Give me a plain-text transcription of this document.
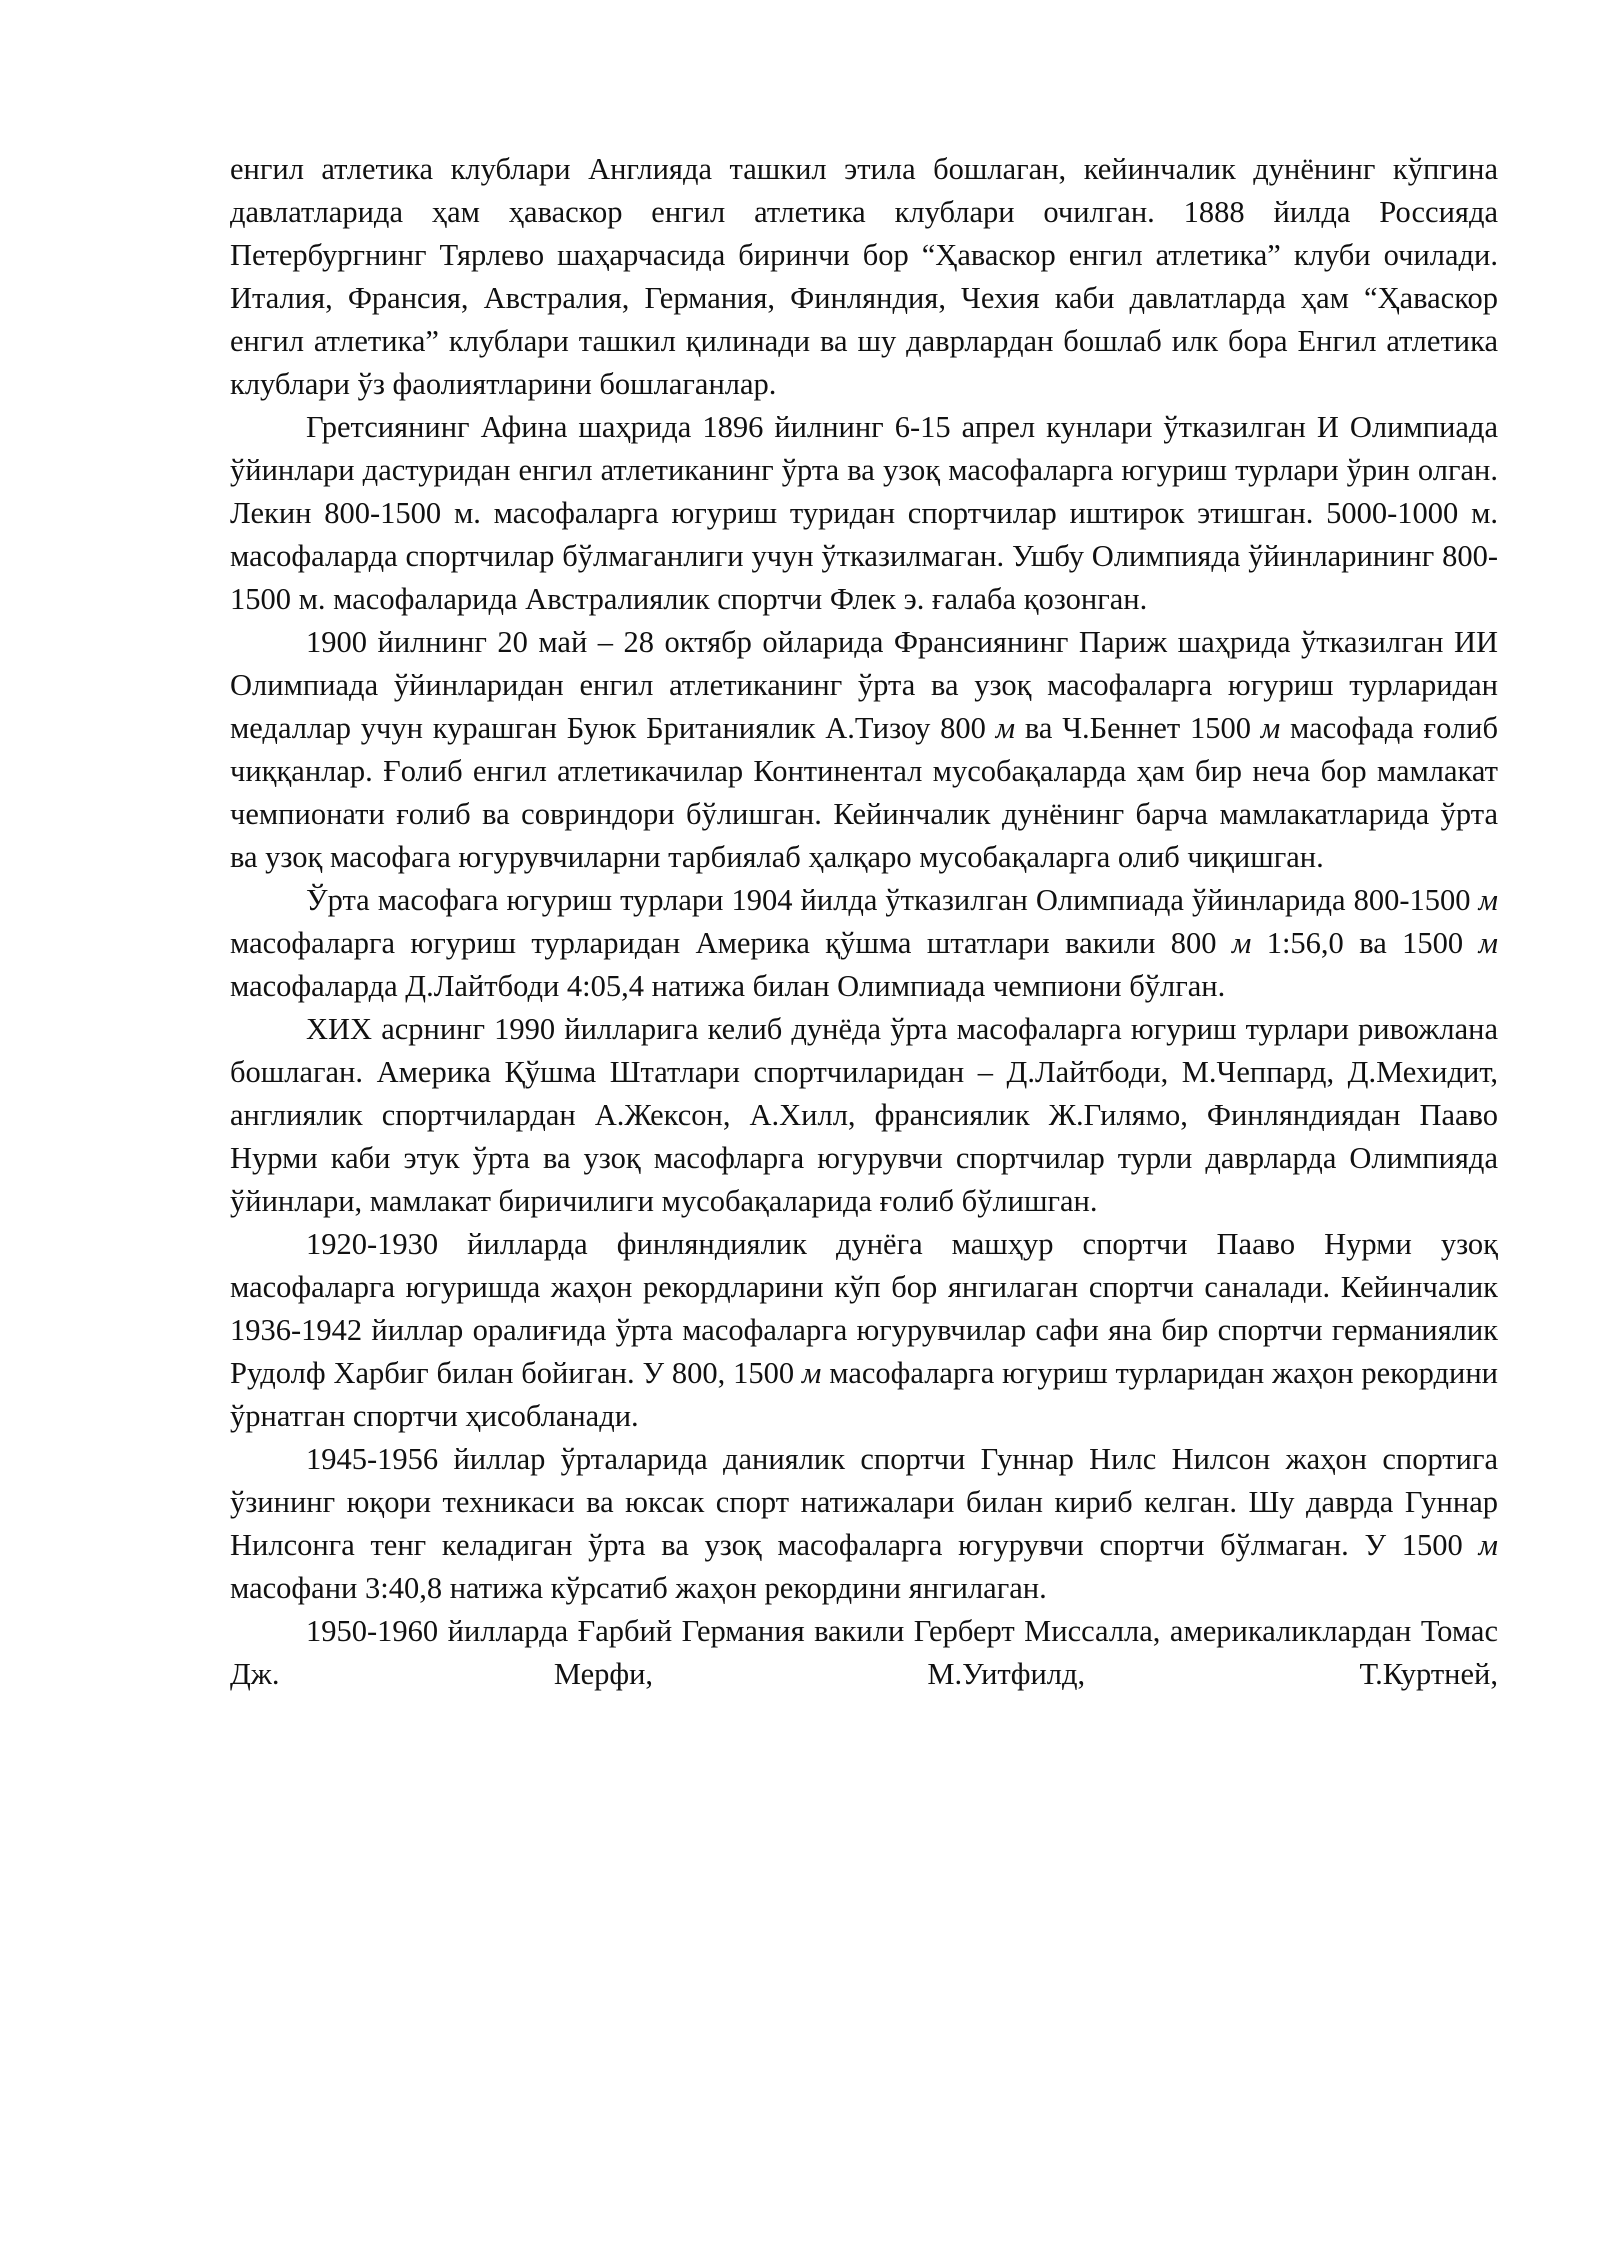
енгил атлетика клублари Англияда ташкил этила бошлаган, кейинчалик дунёнинг кўпгина давлатларида ҳам ҳаваскор енгил атлетика клублари очилган. 1888 йилда Россияда Петербургнинг Тярлево шаҳарчасида биринчи бор “Ҳаваскор енгил атлетика” клуби очилади. Италия, Франсия, Австралия, Германия, Финляндия, Чехия каби давлатларда ҳам “Ҳаваскор енгил атлетика” клублари ташкил қилинади ва шу даврлардан бошлаб илк бора Енгил атлетика клублари ўз фаолиятларини бошлаганлар.

Гретсиянинг Афина шаҳрида 1896 йилнинг 6-15 апрел кунлари ўтказилган И Олимпиада ўйинлари дастуридан енгил атлетиканинг ўрта ва узоқ масофаларга югуриш турлари ўрин олган. Лекин 800-1500 м. масофаларга югуриш туридан спортчилар иштирок этишган. 5000-1000 м. масофаларда спортчилар бўлмаганлиги учун ўтказилмаган. Ушбу Олимпияда ўйинларининг 800-1500 м. масофаларида Австралиялик спортчи Флек э. ғалаба қозонган.

1900 йилнинг 20 май – 28 октябр ойларида Франсиянинг Париж шаҳрида ўтказилган ИИ Олимпиада ўйинларидан енгил атлетиканинг ўрта ва узоқ масофаларга югуриш турларидан медаллар учун курашган Буюк Британиялик А.Тизоу 800 м ва Ч.Беннет 1500 м масофада ғолиб чиққанлар. Ғолиб енгил атлетикачилар Континентал мусобақаларда ҳам бир неча бор мамлакат чемпионати ғолиб ва совриндори бўлишган. Кейинчалик дунёнинг барча мамлакатларида ўрта ва узоқ масофага югурувчиларни тарбиялаб ҳалқаро мусобақаларга олиб чиқишган.

Ўрта масофага югуриш турлари 1904 йилда ўтказилган Олимпиада ўйинларида 800-1500 м масофаларга югуриш турларидан Америка қўшма штатлари вакили 800 м 1:56,0 ва 1500 м масофаларда Д.Лайтбоди 4:05,4 натижа билан Олимпиада чемпиони бўлган.

ХИХ асрнинг 1990 йилларига келиб дунёда ўрта масофаларга югуриш турлари ривожлана бошлаган. Америка Қўшма Штатлари спортчиларидан – Д.Лайтбоди, М.Чеппард, Д.Мехидит, англиялик спортчилардан А.Жексон, А.Хилл, франсиялик Ж.Гилямо, Финляндиядан Пааво Нурми каби этук ўрта ва узоқ масофларга югурувчи спортчилар турли даврларда Олимпияда ўйинлари, мамлакат биричилиги мусобақаларида ғолиб бўлишган.

1920-1930 йилларда финляндиялик дунёга машҳур спортчи Пааво Нурми узоқ масофаларга югуришда жаҳон рекордларини кўп бор янгилаган спортчи саналади. Кейинчалик 1936-1942 йиллар оралиғида ўрта масофаларга югурувчилар сафи яна бир спортчи германиялик Рудолф Харбиг билан бойиган. У 800, 1500 м масофаларга югуриш турларидан жаҳон рекордини ўрнатган спортчи ҳисобланади.

1945-1956 йиллар ўрталарида даниялик спортчи Гуннар Нилс Нилсон жаҳон спортига ўзининг юқори техникаси ва юксак спорт натижалари билан кириб келган. Шу даврда Гуннар Нилсонга тенг келадиган ўрта ва узоқ масофаларга югурувчи спортчи бўлмаган. У 1500 м масофани 3:40,8 натижа кўрсатиб жаҳон рекордини янгилаган.

1950-1960 йилларда Ғарбий Германия вакили Герберт Миссалла, америкаликлардан Томас Дж. Мерфи, М.Уитфилд, Т.Куртней,
